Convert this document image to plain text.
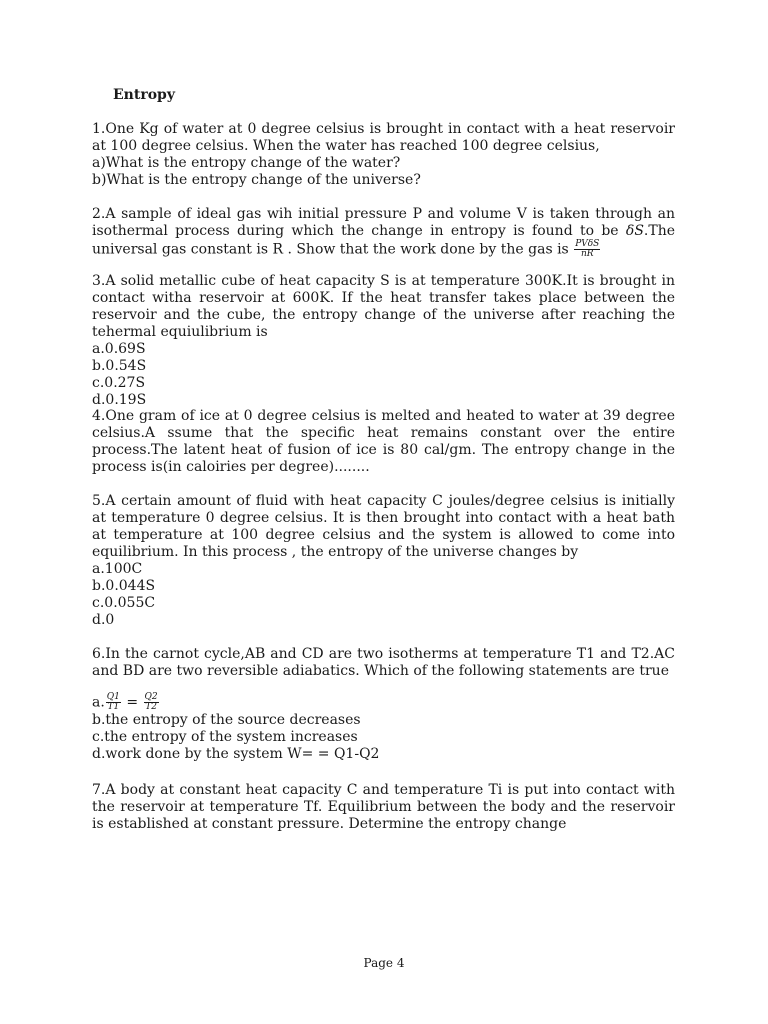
Entropy

1.One Kg of water at 0 degree celsius is brought in contact with a heat reservoir at 100 degree celsius. When the water has reached 100 degree celsius,

a)What is the entropy change of the water?
b)What is the entropy change of the universe?

2.A sample of ideal gas wih initial pressure P and volume V is taken through an isothermal process during which the change in entropy is found to be δS.The universal gas constant is R . Show that the work done by the gas is $\frac{\text{PVδS}}{nR}$

3.A solid metallic cube of heat capacity S is at temperature 300K.It is brought in contact witha reservoir at 600K. If the heat transfer takes place between the reservoir and the cube, the entropy change of the universe after reaching the tehermal equiulibrium is

a.0.69S
b.0.54S
c.0.27S
d.0.19S

4.One gram of ice at 0 degree celsius is melted and heated to water at 39 degree celsius.A ssume that the specific heat remains constant over the entire process.The latent heat of fusion of ice is 80 cal/gm. The entropy change in the process is(in caloiries per degree)........

5.A certain amount of fluid with heat capacity C joules/degree celsius is initially at temperature 0 degree celsius. It is then brought into contact with a heat bath at temperature at 100 degree celsius and the system is allowed to come into equilibrium. In this process , the entropy of the universe changes by

a.100C
b.0.044S
c.0.055C
d.0

6.In the carnot cycle,AB and CD are two isotherms at temperature T1 and T2.AC and BD are two reversible adiabatics. Which of the following statements are true

a. $\frac{Q1}{T1} = \frac{Q2}{T2}$
b.the entropy of the source decreases
c.the entropy of the system increases
d.work done by the system W= = Q1-Q2

7.A body at constant heat capacity C and temperature Ti is put into contact with the reservoir at temperature Tf. Equilibrium between the body and the reservoir is established at constant pressure. Determine the entropy change

Page 4
